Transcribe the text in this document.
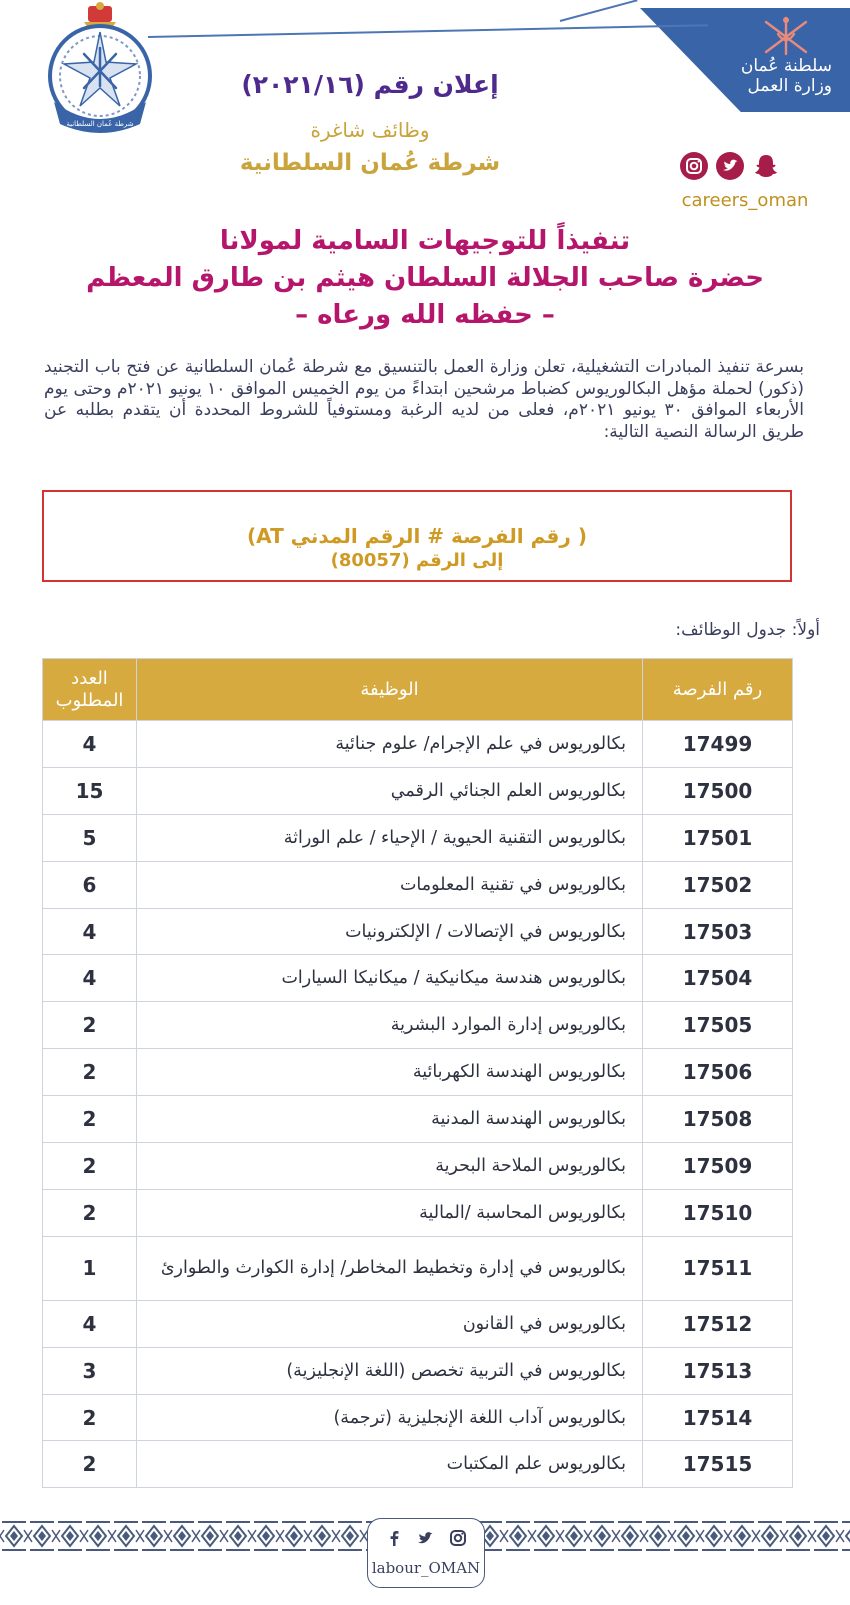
سلطنة عُمان
وزارة العمل
شرطة عُمان السلطانية
إعلان رقم (٢٠٢١/١٦)
وظائف شاغرة
شرطة عُمان السلطانية
careers_oman
تنفيذاً للتوجيهات السامية لمولانا
حضرة صاحب الجلالة السلطان هيثم بن طارق المعظم
– حفظه الله ورعاه –

بسرعة تنفيذ المبادرات التشغيلية، تعلن وزارة العمل بالتنسيق مع شرطة عُمان السلطانية عن فتح باب التجنيد (ذكور) لحملة مؤهل البكالوريوس كضباط مرشحين ابتداءً من يوم الخميس الموافق ١٠ يونيو ٢٠٢١م وحتى يوم الأربعاء الموافق ٣٠ يونيو ٢٠٢١م، فعلى من لديه الرغبة ومستوفياً للشروط المحددة أن يتقدم بطلبه عن طريق الرسالة النصية التالية:

( رقم الفرصة # الرقم المدني AT)
إلى الرقم (80057)
أولاً: جدول الوظائف:
رقم الفرصة	الوظيفة	العدد
المطلوب

17499	بكالوريوس في علم الإجرام/ علوم جنائية	4
17500	بكالوريوس العلم الجنائي الرقمي	15
17501	بكالوريوس التقنية الحيوية / الإحياء / علم الوراثة	5
17502	بكالوريوس في تقنية المعلومات	6
17503	بكالوريوس في الإتصالات / الإلكترونيات	4
17504	بكالوريوس هندسة ميكانيكية / ميكانيكا السيارات	4
17505	بكالوريوس إدارة الموارد البشرية	2
17506	بكالوريوس الهندسة الكهربائية	2
17508	بكالوريوس الهندسة المدنية	2
17509	بكالوريوس الملاحة البحرية	2
17510	بكالوريوس المحاسبة /المالية	2
17511	بكالوريوس في إدارة وتخطيط المخاطر/ إدارة الكوارث والطوارئ	1
17512	بكالوريوس في القانون	4
17513	بكالوريوس في التربية تخصص (اللغة الإنجليزية)	3
17514	بكالوريوس آداب اللغة الإنجليزية (ترجمة)	2
17515	بكالوريوس علم المكتبات	2
labour_OMAN
